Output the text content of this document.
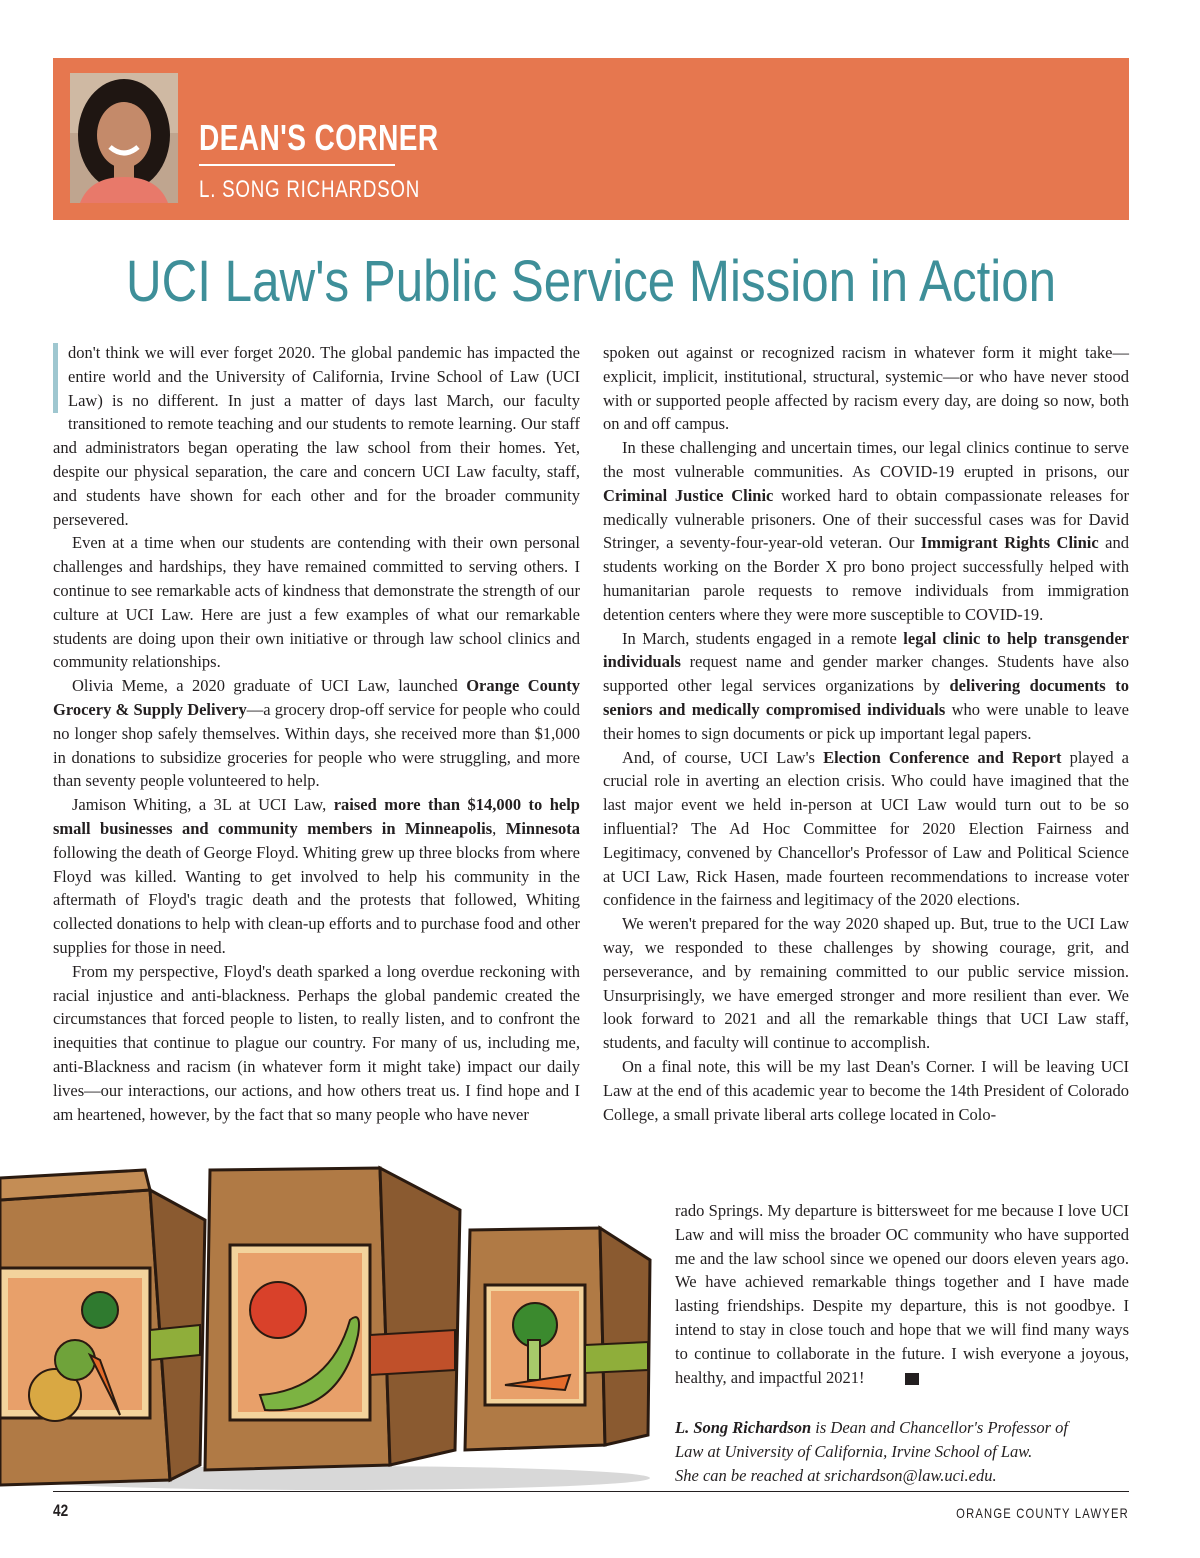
DEAN'S CORNER
L. SONG RICHARDSON
UCI Law's Public Service Mission in Action

don't think we will ever forget 2020. The global pandemic has impacted the entire world and the University of California, Irvine School of Law (UCI Law) is no different. In just a matter of days last March, our faculty transitioned to remote teaching and our students to remote learning. Our staff and administrators began operating the law school from their homes. Yet, despite our physical separation, the care and concern UCI Law faculty, staff, and students have shown for each other and for the broader community persevered.

Even at a time when our students are contending with their own personal challenges and hardships, they have remained committed to serving others. I continue to see remarkable acts of kindness that demonstrate the strength of our culture at UCI Law. Here are just a few examples of what our remarkable students are doing upon their own initiative or through law school clinics and community relationships.

Olivia Meme, a 2020 graduate of UCI Law, launched Orange County Grocery & Supply Delivery—a grocery drop-off service for people who could no longer shop safely themselves. Within days, she received more than $1,000 in donations to subsidize groceries for people who were struggling, and more than seventy people volunteered to help.

Jamison Whiting, a 3L at UCI Law, raised more than $14,000 to help small businesses and community members in Minneapolis, Minnesota following the death of George Floyd. Whiting grew up three blocks from where Floyd was killed. Wanting to get involved to help his community in the aftermath of Floyd's tragic death and the protests that followed, Whiting collected donations to help with clean-up efforts and to purchase food and other supplies for those in need.

From my perspective, Floyd's death sparked a long overdue reckoning with racial injustice and anti-blackness. Perhaps the global pandemic created the circumstances that forced people to listen, to really listen, and to confront the inequities that continue to plague our country. For many of us, including me, anti-Blackness and racism (in whatever form it might take) impact our daily lives—our interactions, our actions, and how others treat us. I find hope and I am heartened, however, by the fact that so many people who have never

spoken out against or recognized racism in whatever form it might take—explicit, implicit, institutional, structural, systemic—or who have never stood with or supported people affected by racism every day, are doing so now, both on and off campus.

In these challenging and uncertain times, our legal clinics continue to serve the most vulnerable communities. As COVID-19 erupted in prisons, our Criminal Justice Clinic worked hard to obtain compassionate releases for medically vulnerable prisoners. One of their successful cases was for David Stringer, a seventy-four-year-old veteran. Our Immigrant Rights Clinic and students working on the Border X pro bono project successfully helped with humanitarian parole requests to remove individuals from immigration detention centers where they were more susceptible to COVID-19.

In March, students engaged in a remote legal clinic to help transgender individuals request name and gender marker changes. Students have also supported other legal services organizations by delivering documents to seniors and medically compromised individuals who were unable to leave their homes to sign documents or pick up important legal papers.

And, of course, UCI Law's Election Conference and Report played a crucial role in averting an election crisis. Who could have imagined that the last major event we held in-person at UCI Law would turn out to be so influential? The Ad Hoc Committee for 2020 Election Fairness and Legitimacy, convened by Chancellor's Professor of Law and Political Science at UCI Law, Rick Hasen, made fourteen recommendations to increase voter confidence in the fairness and legitimacy of the 2020 elections.

We weren't prepared for the way 2020 shaped up. But, true to the UCI Law way, we responded to these challenges by showing courage, grit, and perseverance, and by remaining committed to our public service mission. Unsurprisingly, we have emerged stronger and more resilient than ever. We look forward to 2021 and all the remarkable things that UCI Law staff, students, and faculty will continue to accomplish.

On a final note, this will be my last Dean's Corner. I will be leaving UCI Law at the end of this academic year to become the 14th President of Colorado College, a small private liberal arts college located in Colo-

rado Springs. My departure is bittersweet for me because I love UCI Law and will miss the broader OC community who have supported me and the law school since we opened our doors eleven years ago. We have achieved remarkable things together and I have made lasting friendships. Despite my departure, this is not goodbye. I intend to stay in close touch and hope that we will find many ways to continue to collaborate in the future. I wish everyone a joyous, healthy, and impactful 2021!

L. Song Richardson is Dean and Chancellor's Professor of
Law at University of California, Irvine School of Law.
She can be reached at srichardson@law.uci.edu.
42	ORANGE COUNTY LAWYER
